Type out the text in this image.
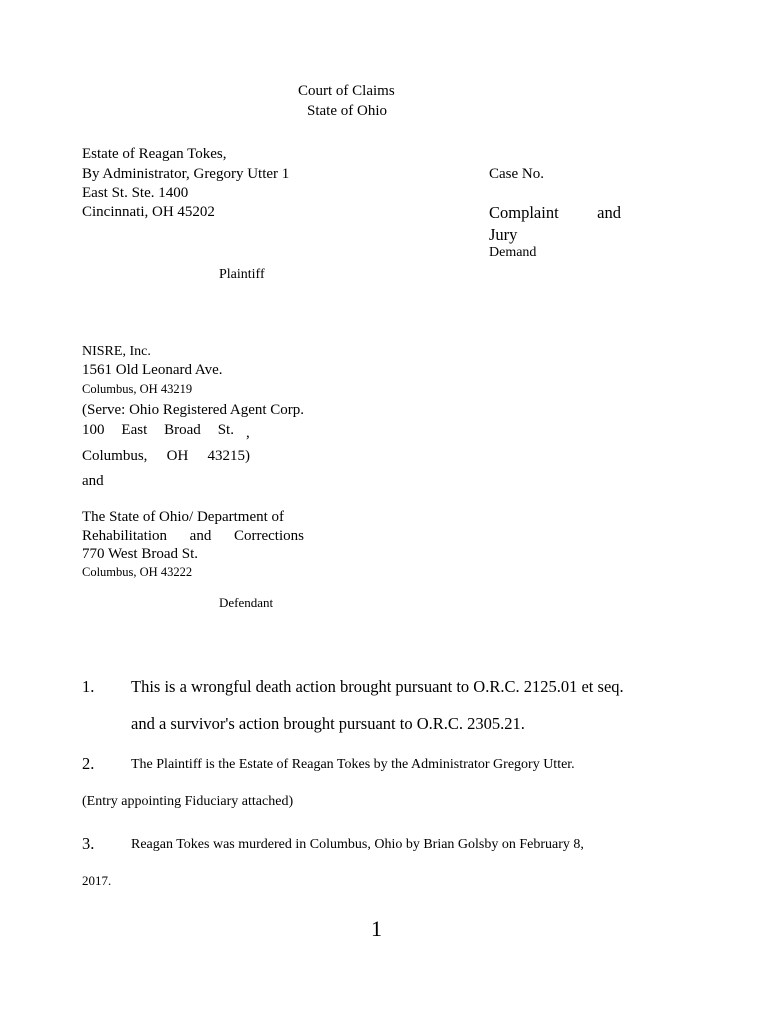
Court of Claims
State of Ohio
Estate of Reagan Tokes,
By Administrator, Gregory Utter 1
East St. Ste. 1400
Cincinnati, OH 45202
Plaintiff
Case No.
Complaint and
Jury
Demand
NISRE, Inc.
1561 Old Leonard Ave.
Columbus, OH 43219
(Serve: Ohio Registered Agent Corp.
100 East Broad St. ,
Columbus, OH 43215)
and
The State of Ohio/ Department of
Rehabilitation and Corrections
770 West Broad St.
Columbus, OH 43222
Defendant
1. This is a wrongful death action brought pursuant to O.R.C. 2125.01 et seq.
and a survivor's action brought pursuant to O.R.C. 2305.21.
2.	The Plaintiff is the Estate of Reagan Tokes by the Administrator Gregory Utter.
(Entry appointing Fiduciary attached)
3.	Reagan Tokes was murdered in Columbus, Ohio by Brian Golsby on February 8,
2017.
1
